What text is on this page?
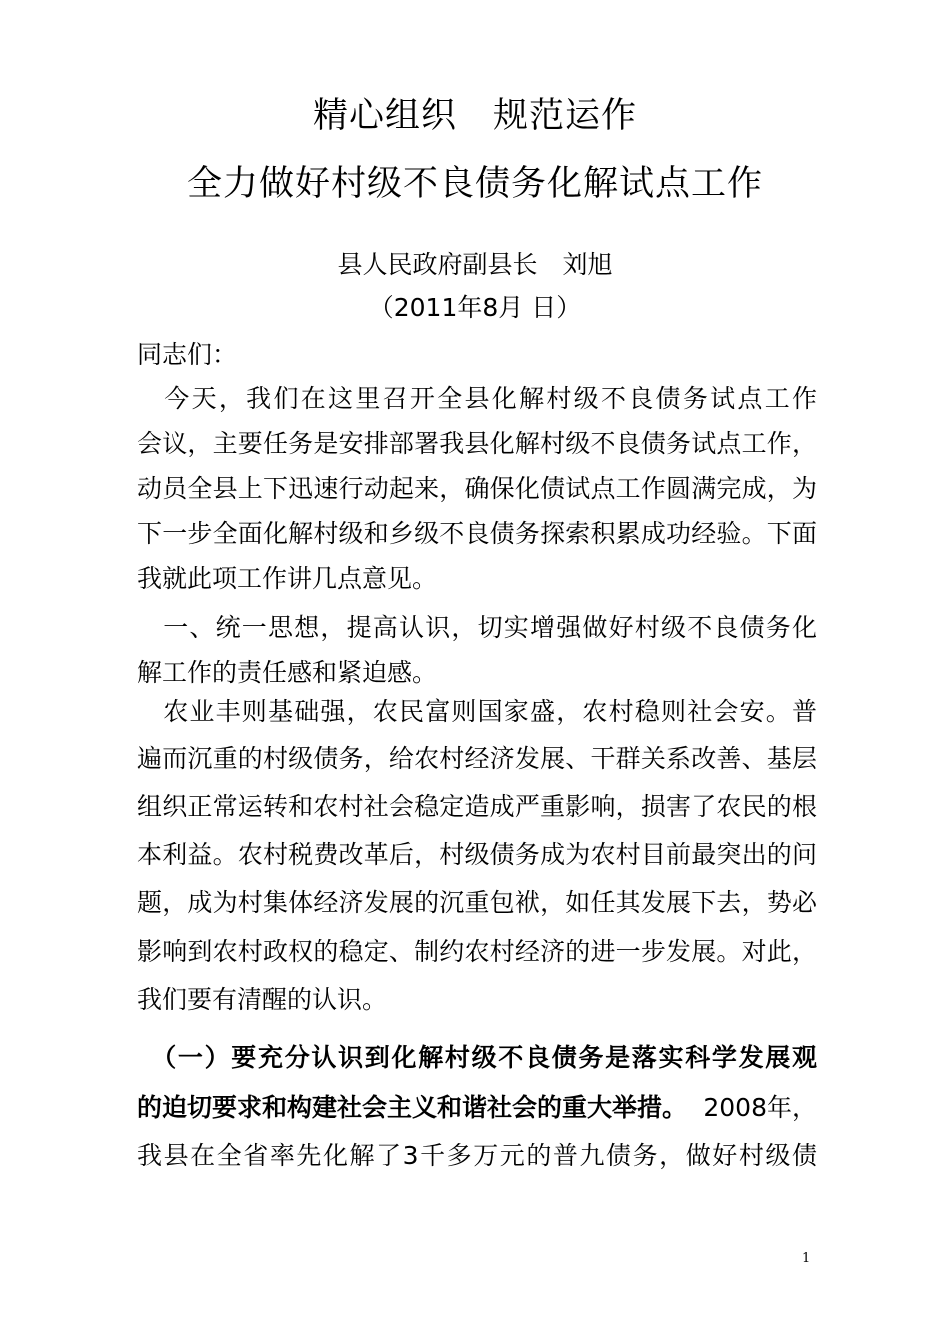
精心组织　规范运作
全力做好村级不良债务化解试点工作
县人民政府副县长　刘旭
（2011年8月 日）
同志们：
　今天，我们在这里召开全县化解村级不良债务试点工作
会议，主要任务是安排部署我县化解村级不良债务试点工作，
动员全县上下迅速行动起来，确保化债试点工作圆满完成，为
下一步全面化解村级和乡级不良债务探索积累成功经验。下面
我就此项工作讲几点意见。
　一、统一思想，提高认识，切实增强做好村级不良债务化
解工作的责任感和紧迫感。
　农业丰则基础强，农民富则国家盛，农村稳则社会安。普
遍而沉重的村级债务，给农村经济发展、干群关系改善、基层
组织正常运转和农村社会稳定造成严重影响，损害了农民的根
本利益。农村税费改革后，村级债务成为农村目前最突出的问
题，成为村集体经济发展的沉重包袱，如任其发展下去，势必
影响到农村政权的稳定、制约农村经济的进一步发展。对此，
我们要有清醒的认识。
　（一）要充分认识到化解村级不良债务是落实科学发展观
的迫切要求和构建社会主义和谐社会的重大举措。 2008年，
我县在全省率先化解了3千多万元的普九债务，做好村级债
1
